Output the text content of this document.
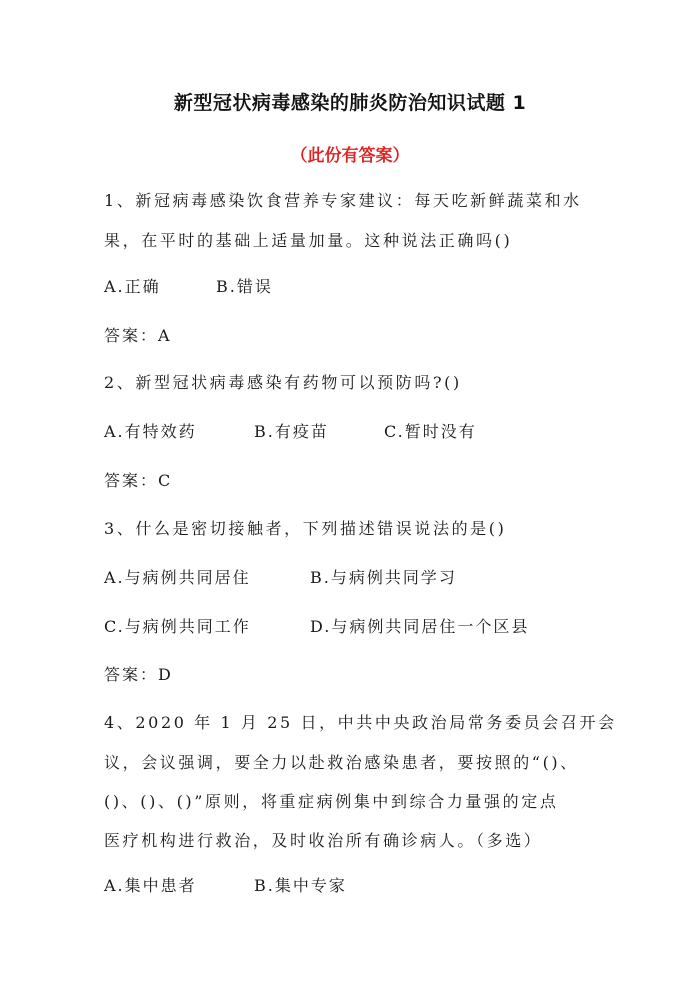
新型冠状病毒感染的肺炎防治知识试题 1
（此份有答案）
1、新冠病毒感染饮食营养专家建议：每天吃新鲜蔬菜和水
果，在平时的基础上适量加量。这种说法正确吗()
A.正确	B.错误
答案：A
2、新型冠状病毒感染有药物可以预防吗?()
A.有特效药	B.有疫苗	C.暂时没有
答案：C
3、什么是密切接触者，下列描述错误说法的是()
A.与病例共同居住	B.与病例共同学习
C.与病例共同工作	D.与病例共同居住一个区县
答案：D
4、2020 年 1 月 25 日，中共中央政治局常务委员会召开会
议，会议强调，要全力以赴救治感染患者，要按照的“()、
()、()、()”原则，将重症病例集中到综合力量强的定点
医疗机构进行救治，及时收治所有确诊病人。（多选）
A.集中患者	B.集中专家
